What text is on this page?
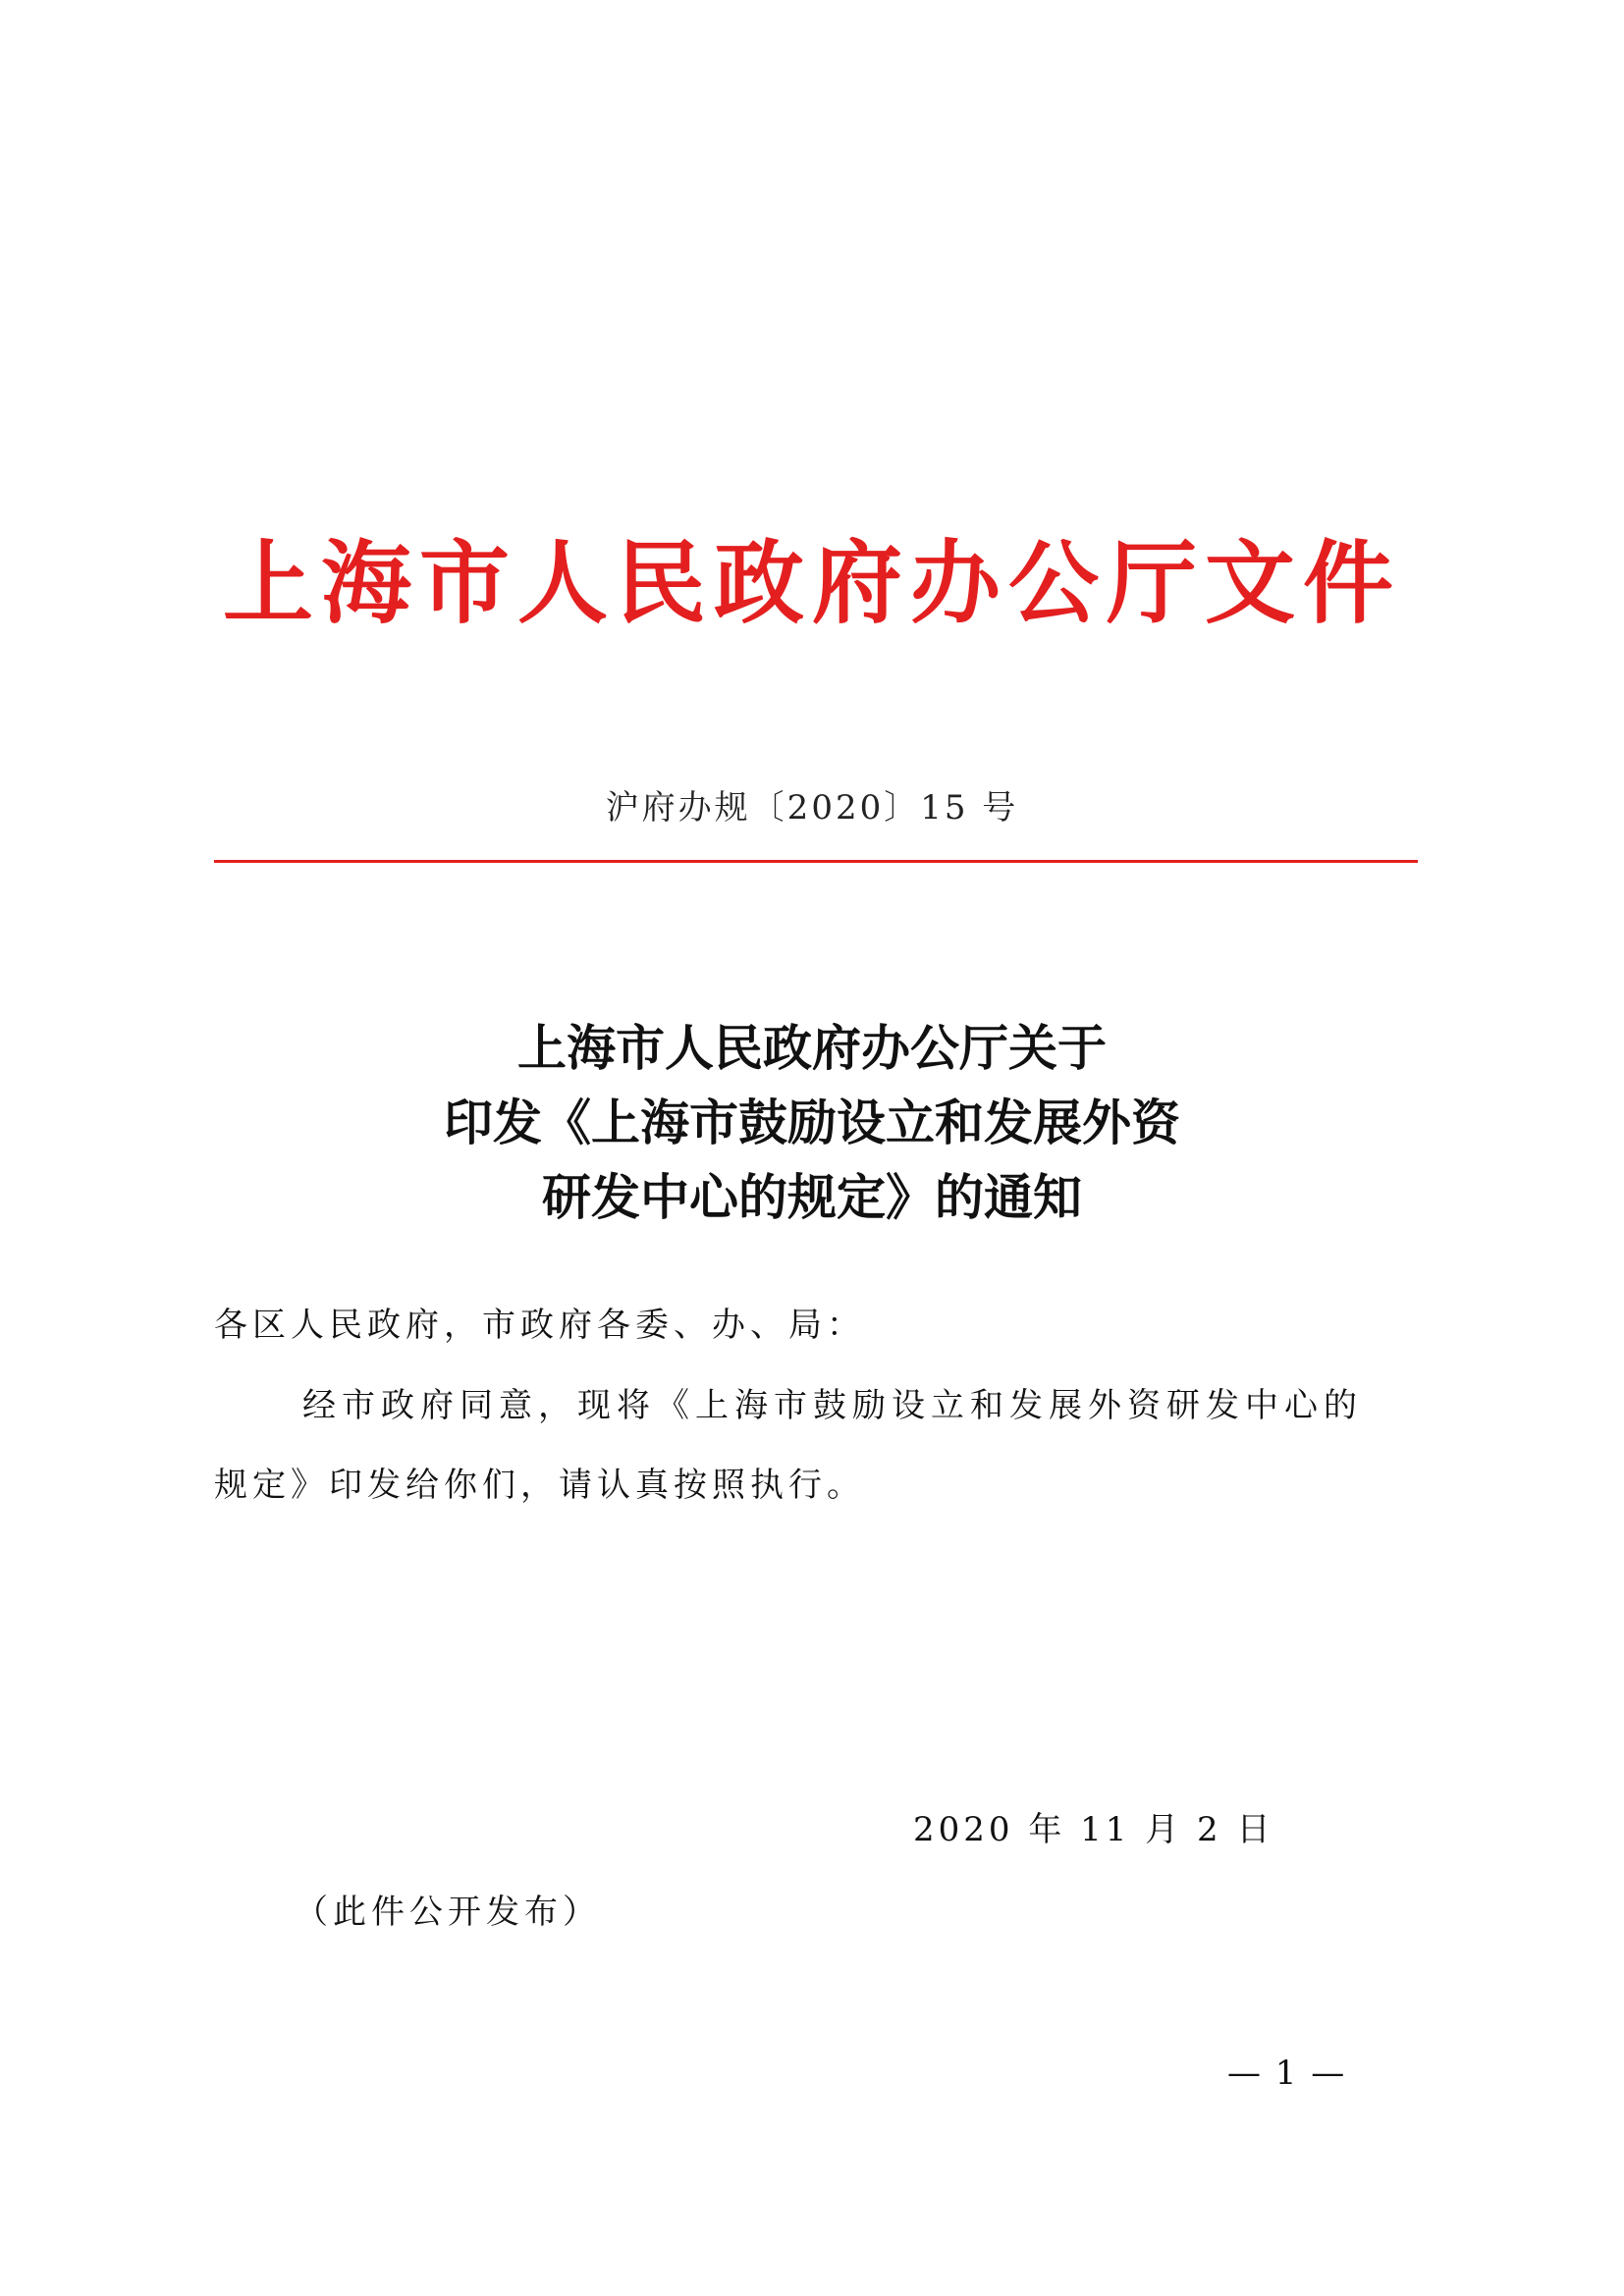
上海市人民政府办公厅文件
沪府办规〔2020〕15 号
上海市人民政府办公厅关于
印发《上海市鼓励设立和发展外资
研发中心的规定》的通知
各区人民政府，市政府各委、办、局：
经市政府同意，现将《上海市鼓励设立和发展外资研发中心的
规定》印发给你们，请认真按照执行。
2020 年 11 月 2 日
（此件公开发布）
— 1 —
